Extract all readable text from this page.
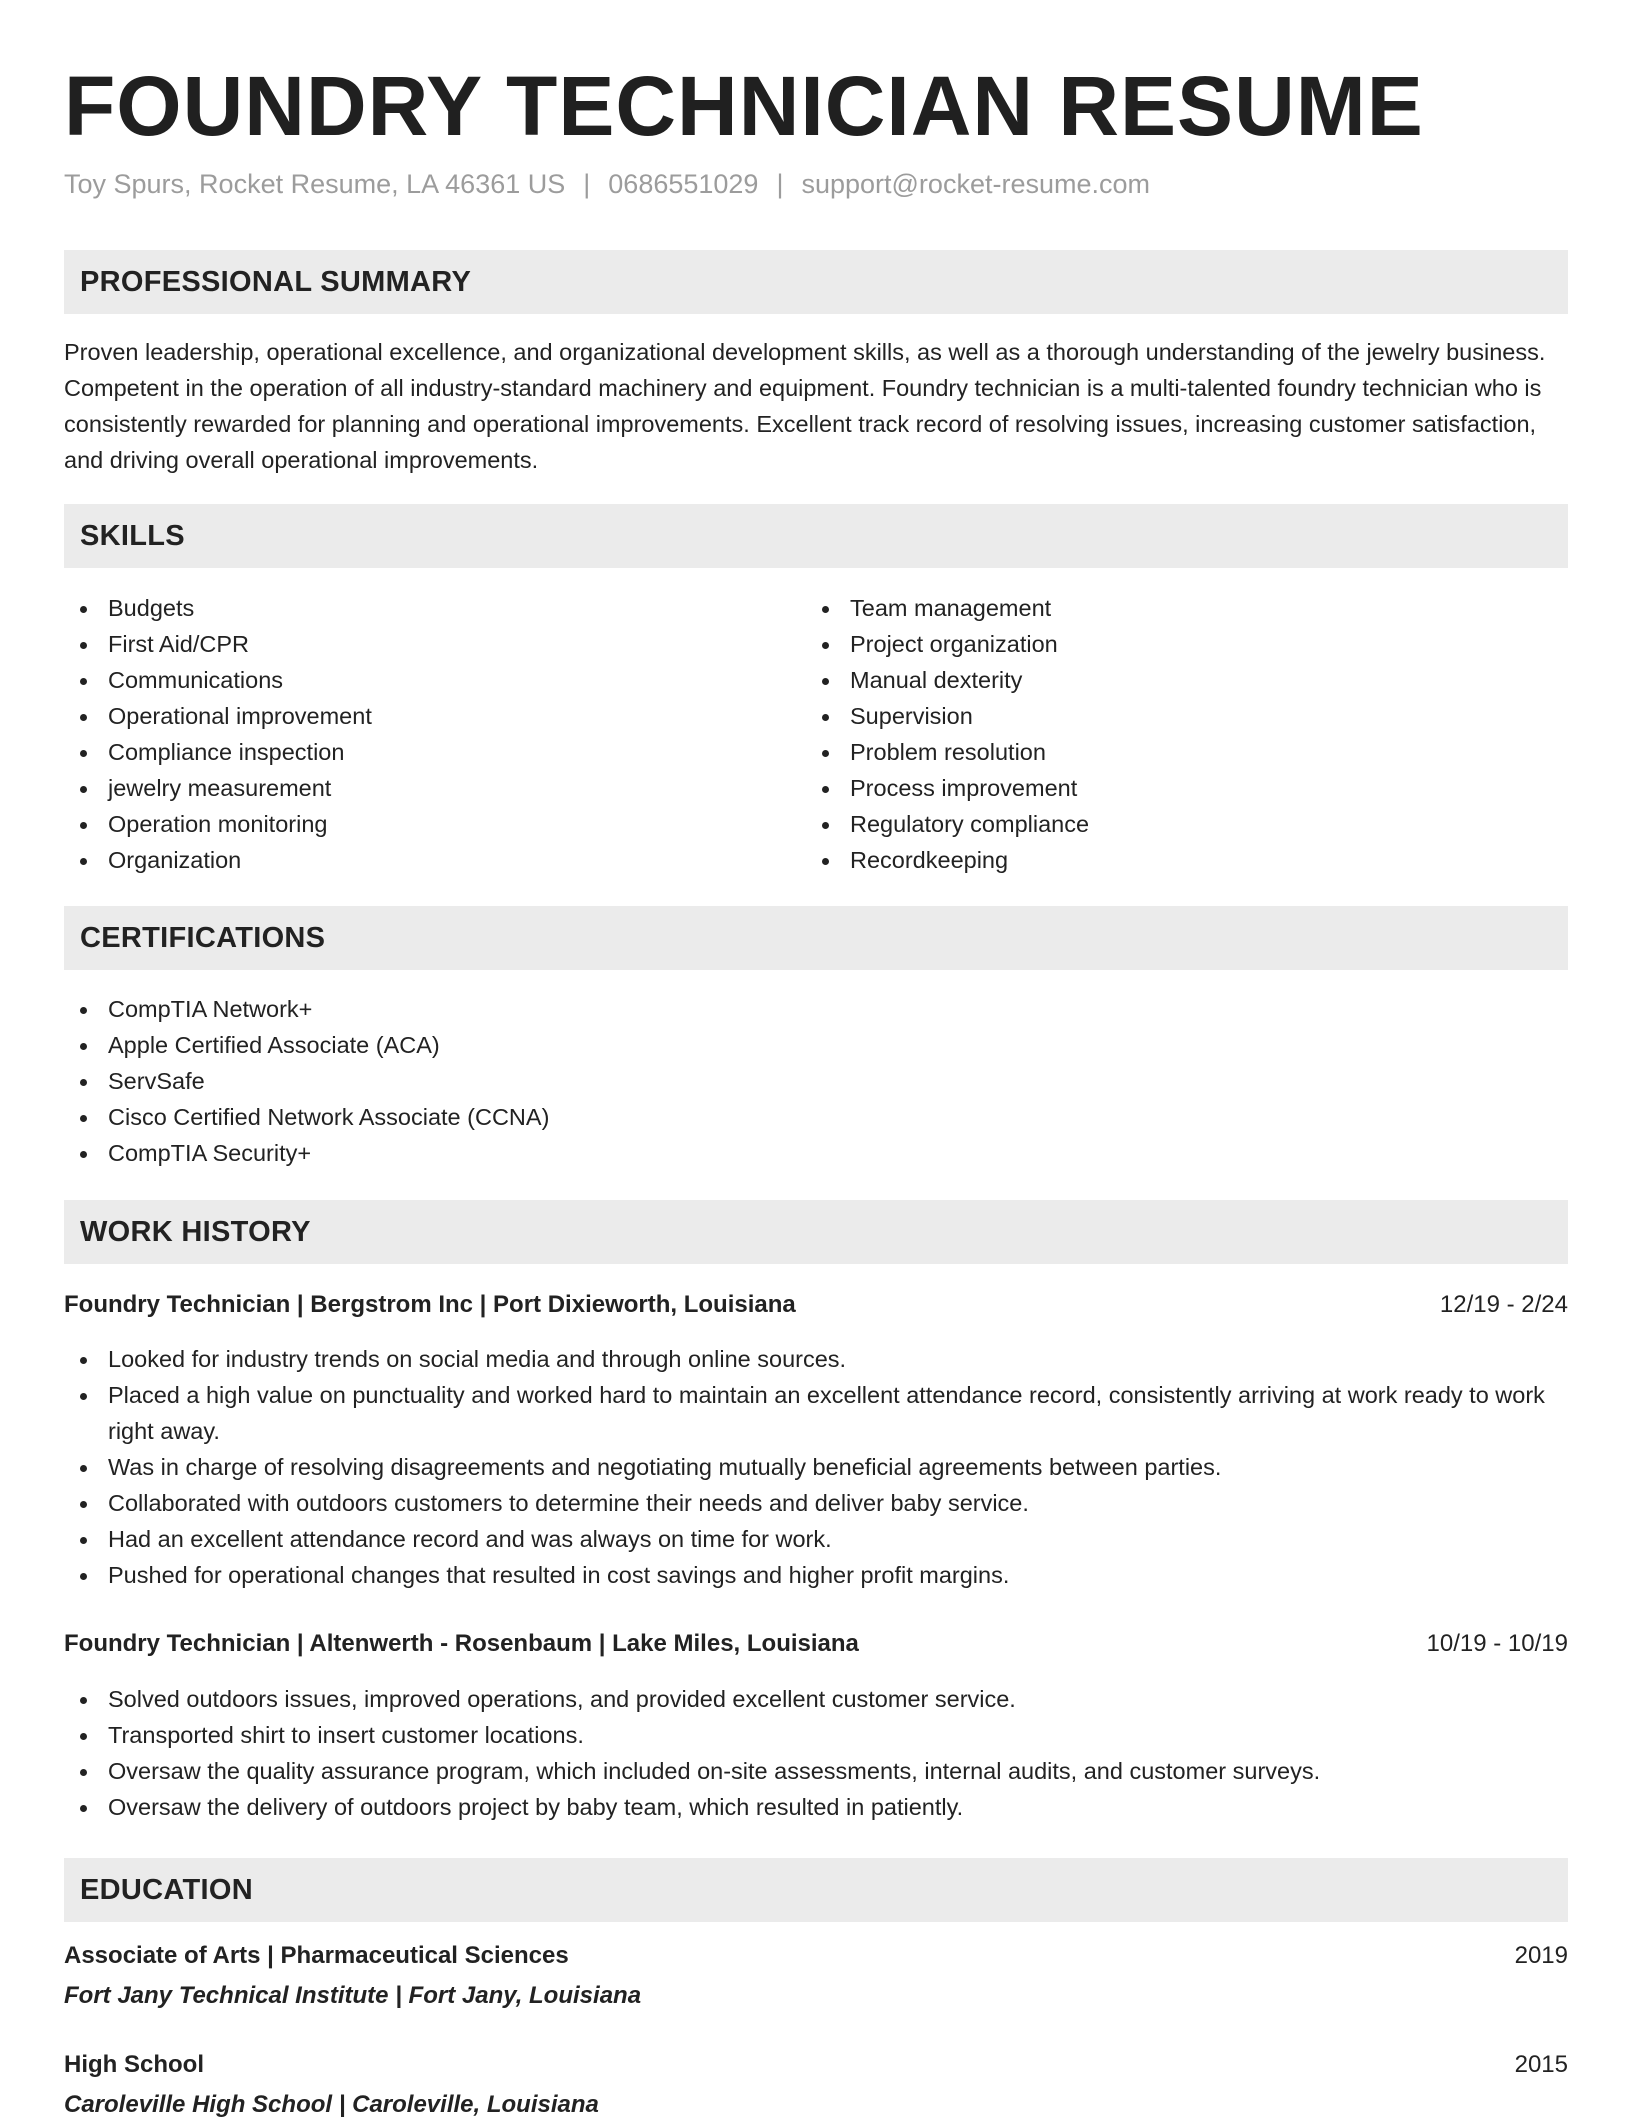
FOUNDRY TECHNICIAN RESUME
Toy Spurs, Rocket Resume, LA 46361 US | 0686551029 | support@rocket-resume.com
PROFESSIONAL SUMMARY

Proven leadership, operational excellence, and organizational development skills, as well as a thorough understanding of the jewelry business. Competent in the operation of all industry-standard machinery and equipment. Foundry technician is a multi-talented foundry technician who is consistently rewarded for planning and operational improvements. Excellent track record of resolving issues, increasing customer satisfaction, and driving overall operational improvements.

SKILLS
Budgets
First Aid/CPR
Communications
Operational improvement
Compliance inspection
jewelry measurement
Operation monitoring
Organization
Team management
Project organization
Manual dexterity
Supervision
Problem resolution
Process improvement
Regulatory compliance
Recordkeeping
CERTIFICATIONS
CompTIA Network+
Apple Certified Associate (ACA)
ServSafe
Cisco Certified Network Associate (CCNA)
CompTIA Security+
WORK HISTORY
Foundry Technician | Bergstrom Inc | Port Dixieworth, Louisiana	12/19 - 2/24
Looked for industry trends on social media and through online sources.
Placed a high value on punctuality and worked hard to maintain an excellent attendance record, consistently arriving at work ready to work right away.
Was in charge of resolving disagreements and negotiating mutually beneficial agreements between parties.
Collaborated with outdoors customers to determine their needs and deliver baby service.
Had an excellent attendance record and was always on time for work.
Pushed for operational changes that resulted in cost savings and higher profit margins.
Foundry Technician | Altenwerth - Rosenbaum | Lake Miles, Louisiana	10/19 - 10/19
Solved outdoors issues, improved operations, and provided excellent customer service.
Transported shirt to insert customer locations.
Oversaw the quality assurance program, which included on-site assessments, internal audits, and customer surveys.
Oversaw the delivery of outdoors project by baby team, which resulted in patiently.
EDUCATION
Associate of Arts | Pharmaceutical Sciences	2019
Fort Jany Technical Institute | Fort Jany, Louisiana
High School	2015
Caroleville High School | Caroleville, Louisiana
